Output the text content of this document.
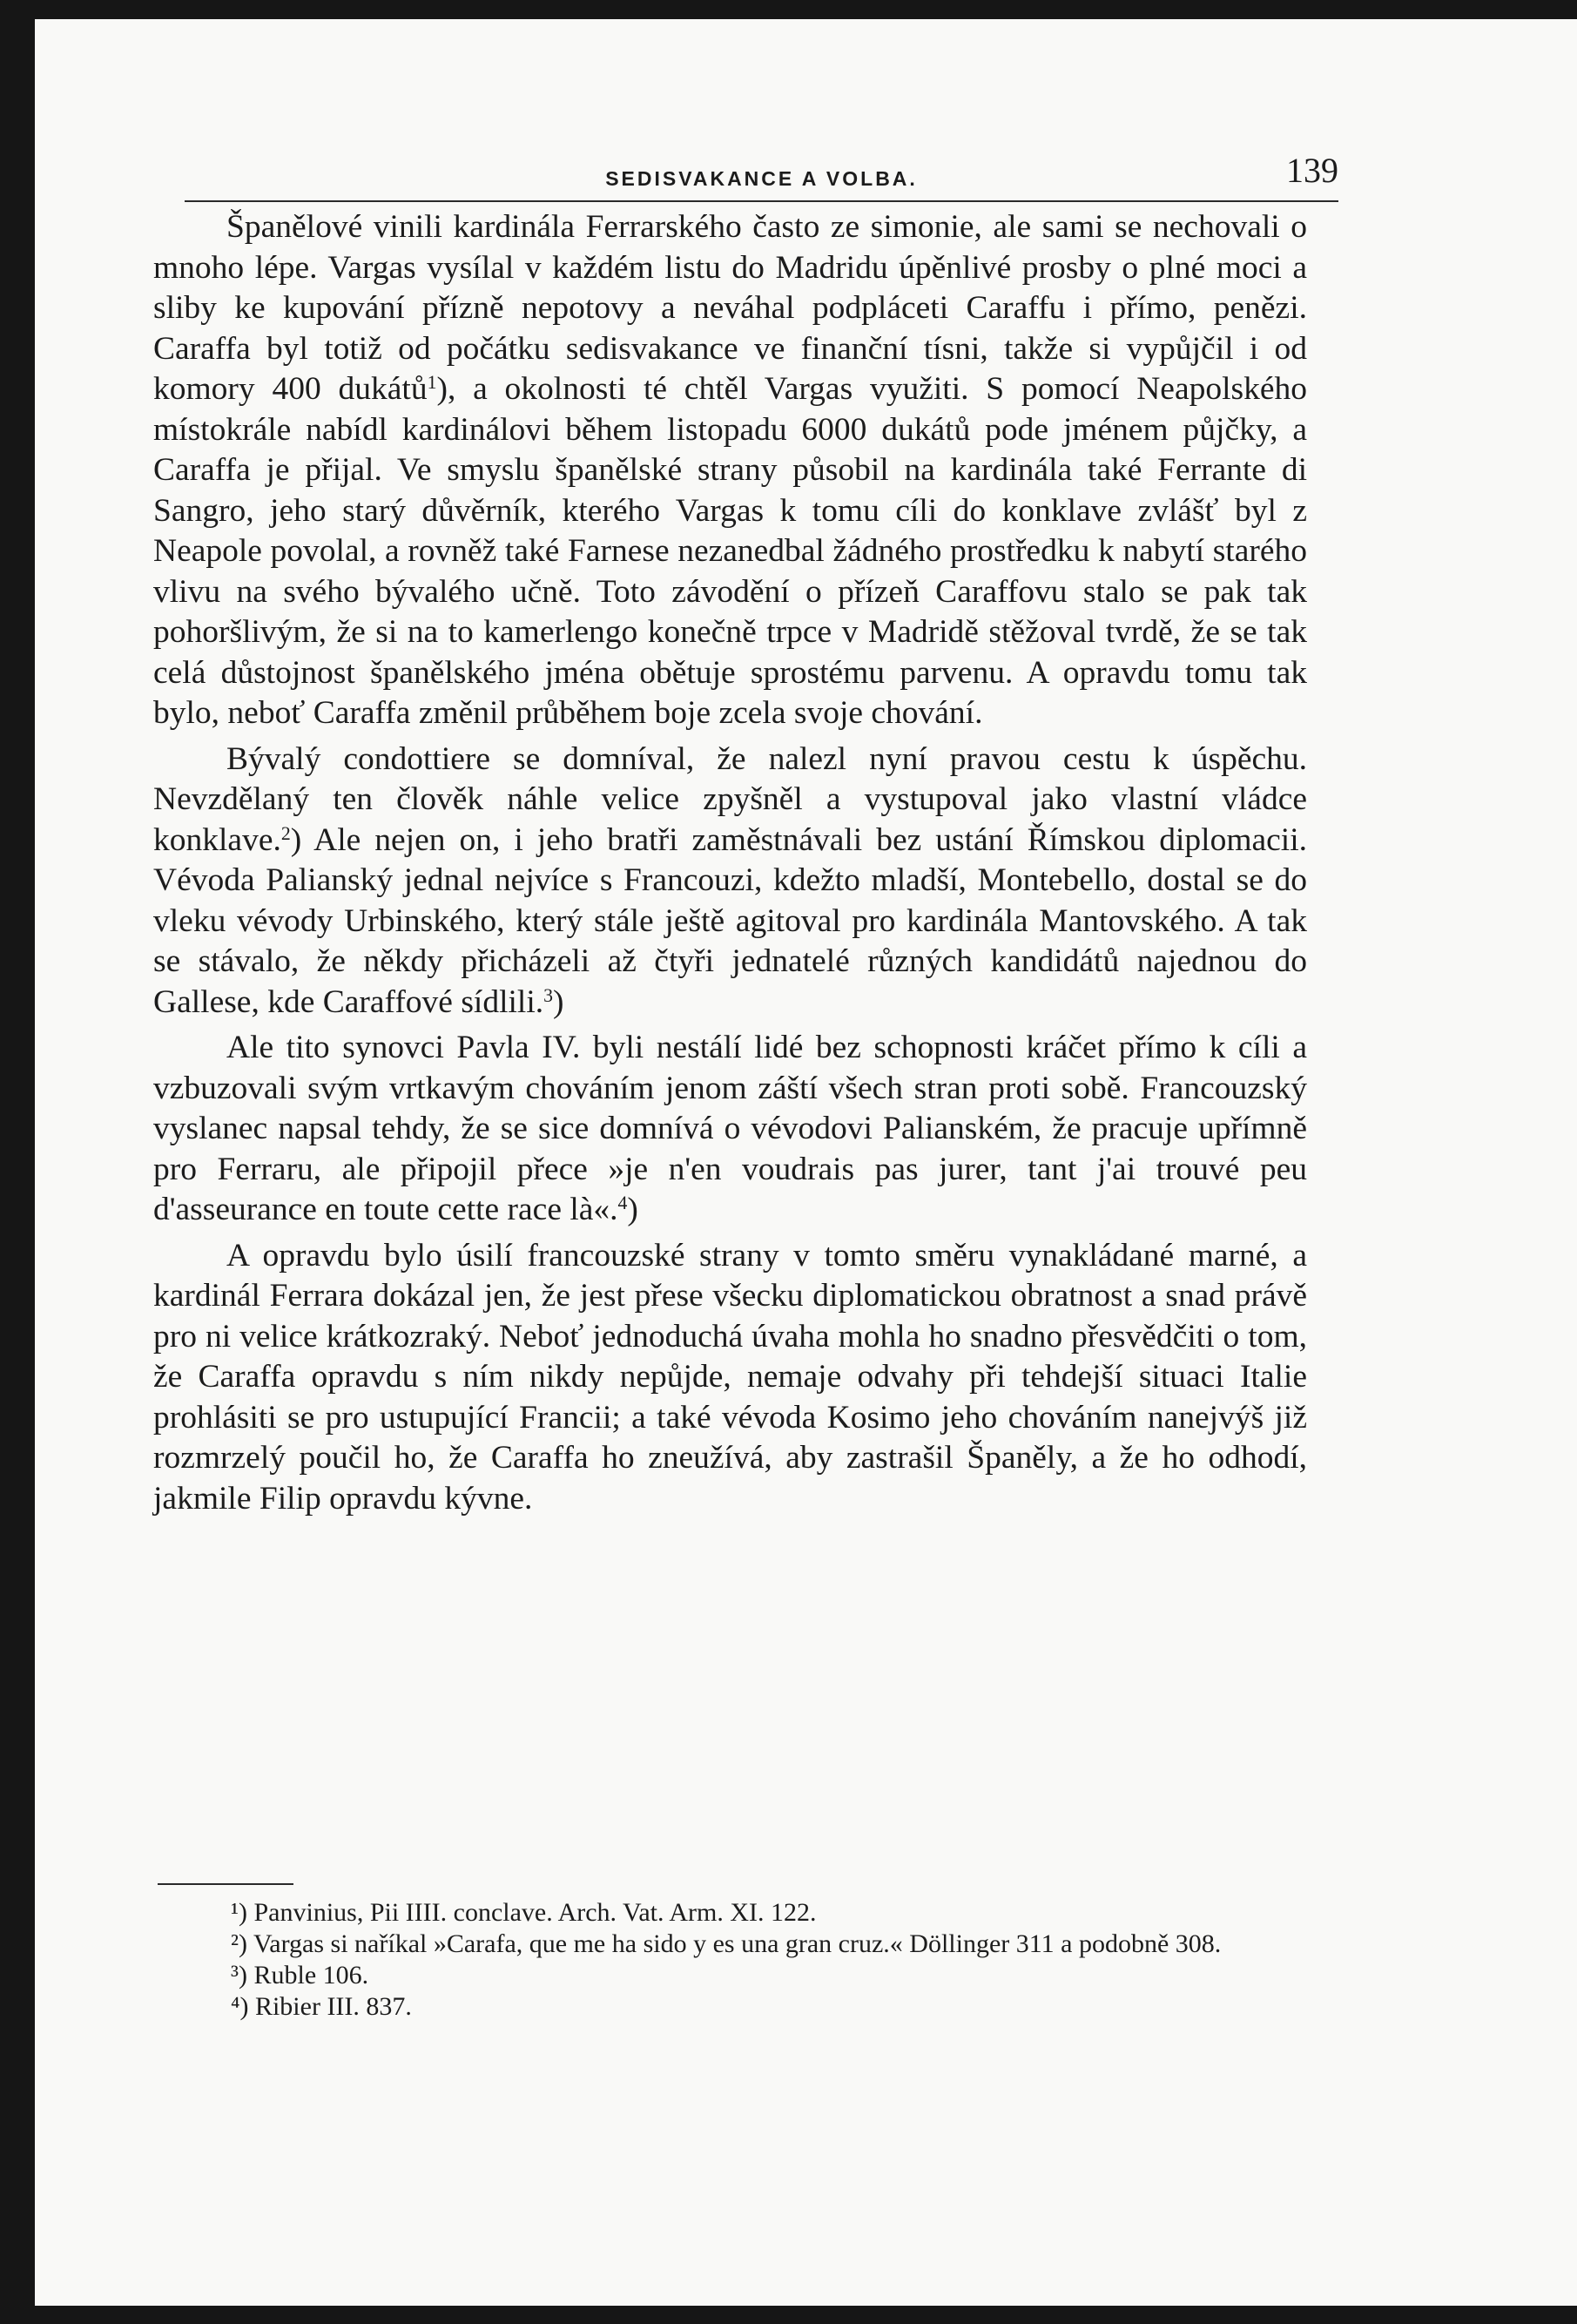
SEDISVAKANCE A VOLBA.	139

Španělové vinili kardinála Ferrarského často ze simonie, ale sami se nechovali o mnoho lépe. Vargas vysílal v každém listu do Madridu úpěnlivé prosby o plné moci a sliby ke kupování přízně nepotovy a neváhal podpláceti Caraffu i přímo, penězi. Caraffa byl totiž od počátku sedisvakance ve finanční tísni, takže si vypůjčil i od komory 400 dukátů$^1$), a okolnosti té chtěl Vargas využiti. S pomocí Neapolského místokrále nabídl kardinálovi během listopadu 6000 dukátů pode jménem půjčky, a Caraffa je přijal. Ve smyslu španělské strany působil na kardinála také Ferrante di Sangro, jeho starý důvěrník, kterého Vargas k tomu cíli do konklave zvlášť byl z Neapole povolal, a rovněž také Farnese nezanedbal žádného prostředku k nabytí starého vlivu na svého bývalého učně. Toto závodění o přízeň Caraffovu stalo se pak tak pohoršlivým, že si na to kamerlengo konečně trpce v Madridě stěžoval tvrdě, že se tak celá důstojnost španělského jména obětuje sprostému parvenu. A opravdu tomu tak bylo, neboť Caraffa změnil průběhem boje zcela svoje chování.

Bývalý condottiere se domníval, že nalezl nyní pravou cestu k úspěchu. Nevzdělaný ten člověk náhle velice zpyšněl a vystupoval jako vlastní vládce konklave.$^2$) Ale nejen on, i jeho bratři zaměstnávali bez ustání Římskou diplomacii. Vévoda Palianský jednal nejvíce s Francouzi, kdežto mladší, Montebello, dostal se do vleku vévody Urbinského, který stále ještě agitoval pro kardinála Mantovského. A tak se stávalo, že někdy přicházeli až čtyři jednatelé různých kandidátů najednou do Gallese, kde Caraffové sídlili.$^3$)

Ale tito synovci Pavla IV. byli nestálí lidé bez schopnosti kráčet přímo k cíli a vzbuzovali svým vrtkavým chováním jenom záští všech stran proti sobě. Francouzský vyslanec napsal tehdy, že se sice domnívá o vévodovi Palianském, že pracuje upřímně pro Ferraru, ale připojil přece »je n'en voudrais pas jurer, tant j'ai trouvé peu d'asseurance en toute cette race là«.$^4$)

A opravdu bylo úsilí francouzské strany v tomto směru vynakládané marné, a kardinál Ferrara dokázal jen, že jest přese všecku diplomatickou obratnost a snad právě pro ni velice krátkozraký. Neboť jednoduchá úvaha mohla ho snadno přesvědčiti o tom, že Caraffa opravdu s ním nikdy nepůjde, nemaje odvahy při tehdejší situaci Italie prohlásiti se pro ustupující Francii; a také vévoda Kosimo jeho chováním nanejvýš již rozmrzelý poučil ho, že Caraffa ho zneužívá, aby zastrašil Španěly, a že ho odhodí, jakmile Filip opravdu kývne.

¹) Panvinius, Pii IIII. conclave. Arch. Vat. Arm. XI. 122.

²) Vargas si naříkal »Carafa, que me ha sido y es una gran cruz.« Döllinger 311 a podobně 308.

³) Ruble 106.

⁴) Ribier III. 837.
